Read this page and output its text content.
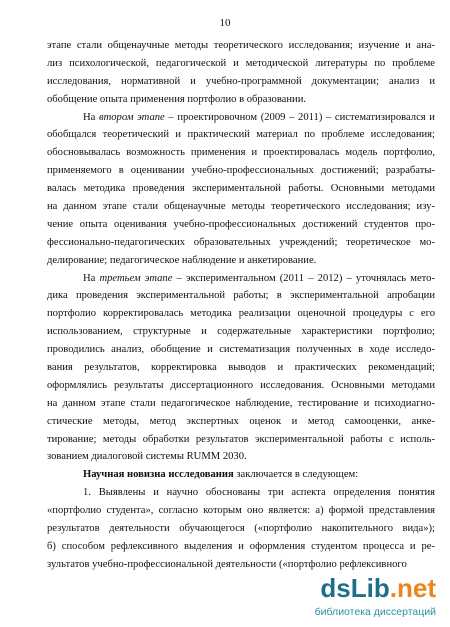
10
этапе стали общенаучные методы теоретического исследования; изучение и ана-
лиз психологической, педагогической и методической литературы по проблеме
исследования, нормативной и учебно-программной документации; анализ и
обобщение опыта применения портфолио в образовании.
На втором этапе – проектировочном (2009 – 2011) – систематизировался и
обобщался теоретический и практический материал по проблеме исследования;
обосновывалась возможность применения и проектировалась модель портфолио,
применяемого в оценивании учебно-профессиональных достижений; разрабаты-
валась методика проведения экспериментальной работы. Основными методами
на данном этапе стали общенаучные методы теоретического исследования; изу-
чение опыта оценивания учебно-профессиональных достижений студентов про-
фессионально-педагогических образовательных учреждений; теоретическое мо-
делирование; педагогическое наблюдение и анкетирование.
На третьем этапе – экспериментальном (2011 – 2012) – уточнялась мето-
дика проведения экспериментальной работы; в экспериментальной апробации
портфолио корректировалась методика реализации оценочной процедуры с его
использованием, структурные и содержательные характеристики портфолио;
проводились анализ, обобщение и систематизация полученных в ходе исследо-
вания результатов, корректировка выводов и практических рекомендаций;
оформлялись результаты диссертационного исследования. Основными методами
на данном этапе стали педагогическое наблюдение, тестирование и психодиагно-
стические методы, метод экспертных оценок и метод самооценки, анке-
тирование; методы обработки результатов экспериментальной работы с исполь-
зованием диалоговой системы RUMM 2030.
Научная новизна исследования заключается в следующем:
1. Выявлены и научно обоснованы три аспекта определения понятия
«портфолио студента», согласно которым оно является: а) формой представления
результатов деятельности обучающегося («портфолио накопительного вида»);
б) способом рефлексивного выделения и оформления студентом процесса и ре-
зультатов учебно-профессиональной деятельности («портфолио рефлексивного
dsLib.net
библиотека диссертаций
